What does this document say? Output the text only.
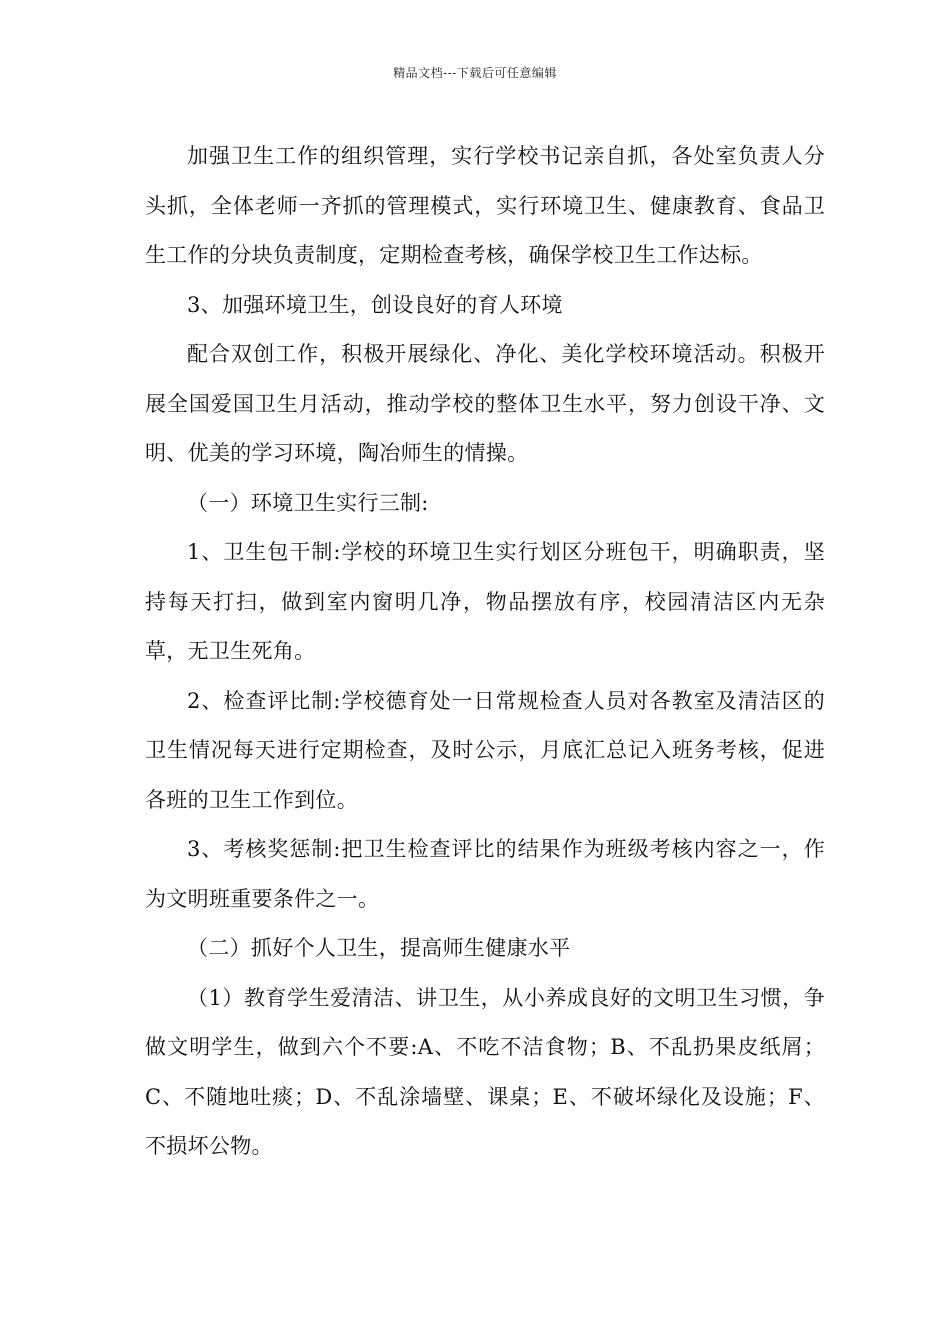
精品文档---下载后可任意编辑

加强卫生工作的组织管理，实行学校书记亲自抓，各处室负责人分头抓，全体老师一齐抓的管理模式，实行环境卫生、健康教育、食品卫生工作的分块负责制度，定期检查考核，确保学校卫生工作达标。

3、加强环境卫生，创设良好的育人环境

配合双创工作，积极开展绿化、净化、美化学校环境活动。积极开展全国爱国卫生月活动，推动学校的整体卫生水平，努力创设干净、文明、优美的学习环境，陶冶师生的情操。

（一）环境卫生实行三制:

1、卫生包干制:学校的环境卫生实行划区分班包干，明确职责，坚持每天打扫，做到室内窗明几净，物品摆放有序，校园清洁区内无杂草，无卫生死角。

2、检查评比制:学校德育处一日常规检查人员对各教室及清洁区的卫生情况每天进行定期检查，及时公示，月底汇总记入班务考核，促进各班的卫生工作到位。

3、考核奖惩制:把卫生检查评比的结果作为班级考核内容之一，作为文明班重要条件之一。

（二）抓好个人卫生，提高师生健康水平

（1）教育学生爱清洁、讲卫生，从小养成良好的文明卫生习惯，争做文明学生，做到六个不要:A、不吃不洁食物；B、不乱扔果皮纸屑；C、不随地吐痰；D、不乱涂墙壁、课桌；E、不破坏绿化及设施；F、不损坏公物。
